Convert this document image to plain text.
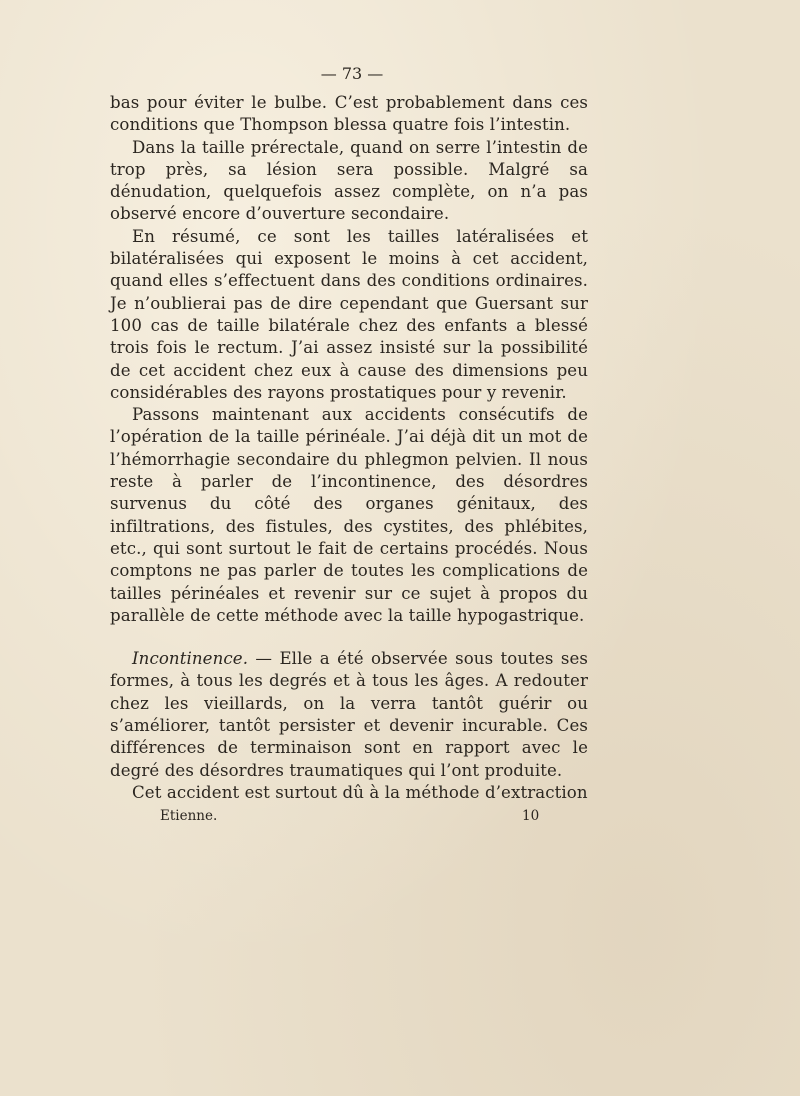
— 73 —

bas pour éviter le bulbe. C’est probablement dans ces conditions que Thompson blessa quatre fois l’intestin.

Dans la taille prérectale, quand on serre l’intestin de trop près, sa lésion sera possible. Malgré sa dénudation, quelquefois assez complète, on n’a pas observé encore d’ouverture secondaire.

En résumé, ce sont les tailles latéralisées et bilatéralisées qui exposent le moins à cet accident, quand elles s’effectuent dans des conditions ordinaires. Je n’oublierai pas de dire cependant que Guersant sur 100 cas de taille bilatérale chez des enfants a blessé trois fois le rectum. J’ai assez insisté sur la possibilité de cet accident chez eux à cause des dimensions peu considérables des rayons prostatiques pour y revenir.

Passons maintenant aux accidents consécutifs de l’opération de la taille périnéale. J’ai déjà dit un mot de l’hémorrhagie secondaire du phlegmon pelvien. Il nous reste à parler de l’incontinence, des désordres survenus du côté des organes génitaux, des infiltrations, des fistules, des cystites, des phlébites, etc., qui sont surtout le fait de certains procédés. Nous comptons ne pas parler de toutes les complications de tailles périnéales et revenir sur ce sujet à propos du parallèle de cette méthode avec la taille hypogastrique.

Incontinence. — Elle a été observée sous toutes ses formes, à tous les degrés et à tous les âges. A redouter chez les vieillards, on la verra tantôt guérir ou s’améliorer, tantôt persister et devenir incurable. Ces différences de terminaison sont en rapport avec le degré des désordres traumatiques qui l’ont produite.

Cet accident est surtout dû à la méthode d’extraction

Etienne.	10
